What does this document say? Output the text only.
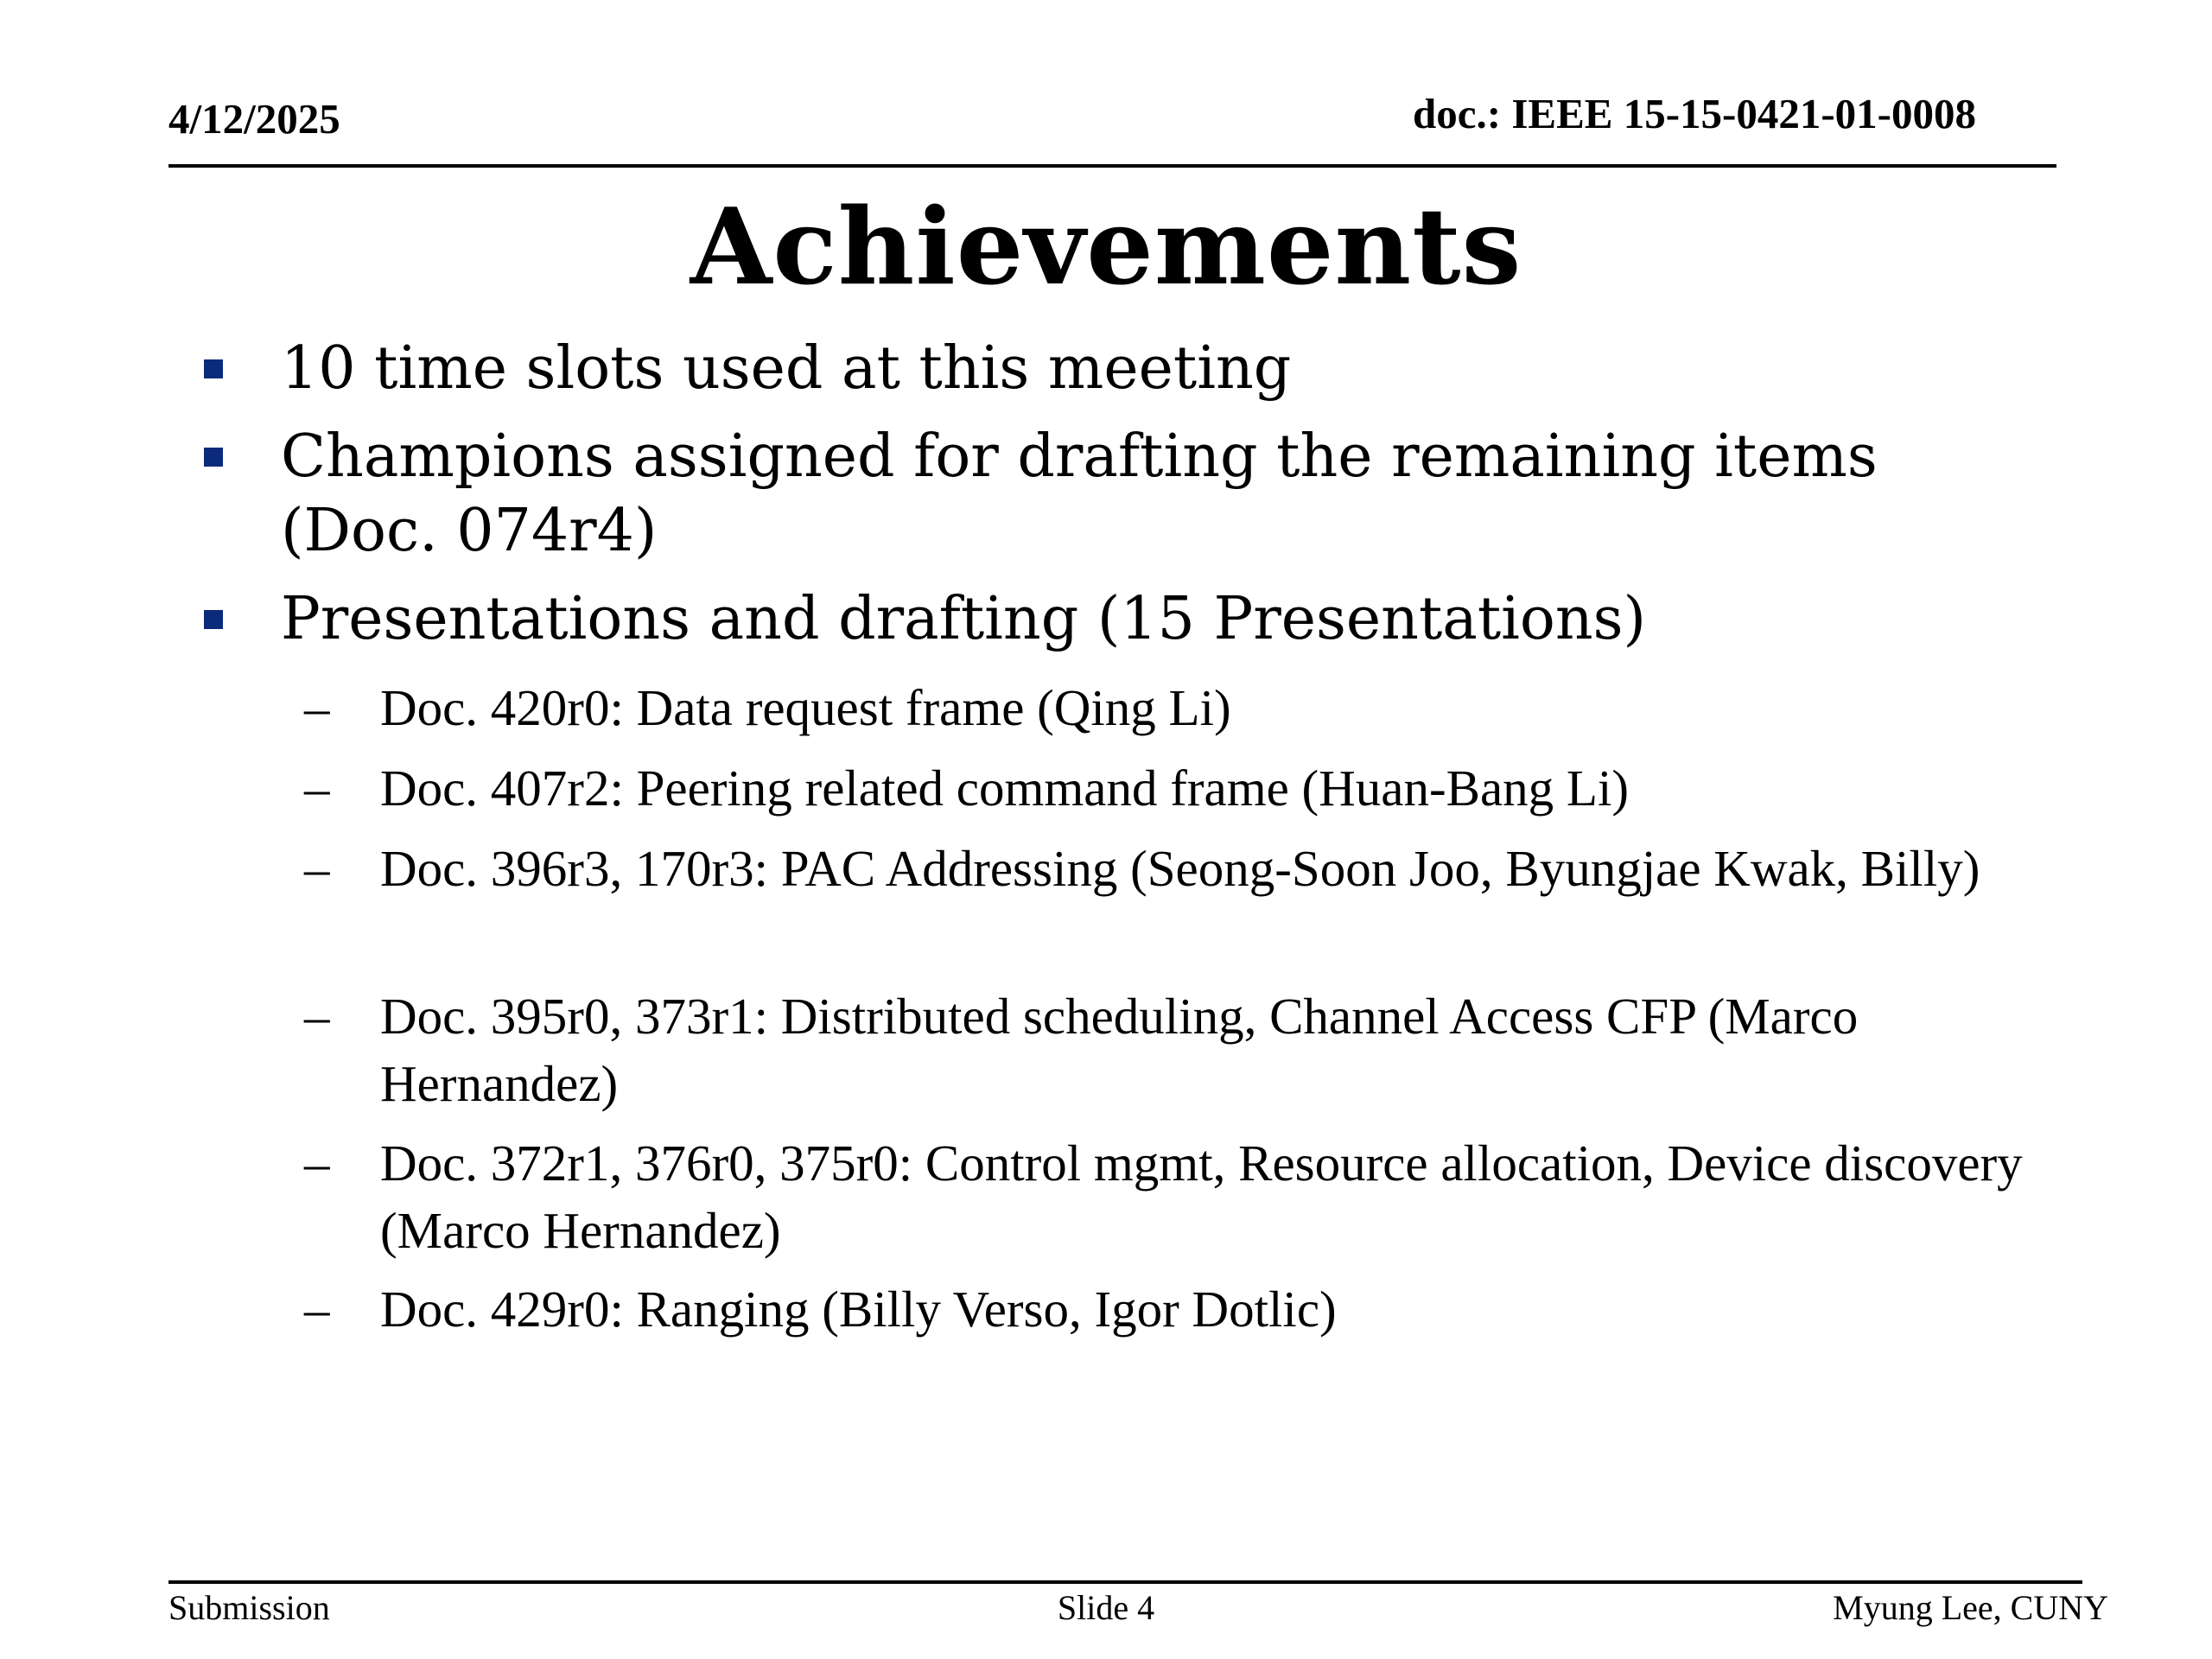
4/12/2025	doc.: IEEE 15-15-0421-01-0008
Achievements
10 time slots used at this meeting
Champions assigned for drafting the remaining items (Doc. 074r4)
Presentations and drafting (15 Presentations)
– Doc. 420r0: Data request frame (Qing Li)
– Doc. 407r2: Peering related command frame (Huan-Bang Li)
– Doc. 396r3, 170r3: PAC Addressing (Seong-Soon Joo, Byungjae Kwak, Billy)
– Doc. 395r0, 373r1: Distributed scheduling, Channel Access CFP (Marco Hernandez)
– Doc. 372r1, 376r0, 375r0: Control mgmt, Resource allocation, Device discovery (Marco Hernandez)
– Doc. 429r0: Ranging (Billy Verso, Igor Dotlic)
Submission	Slide 4	Myung Lee, CUNY
